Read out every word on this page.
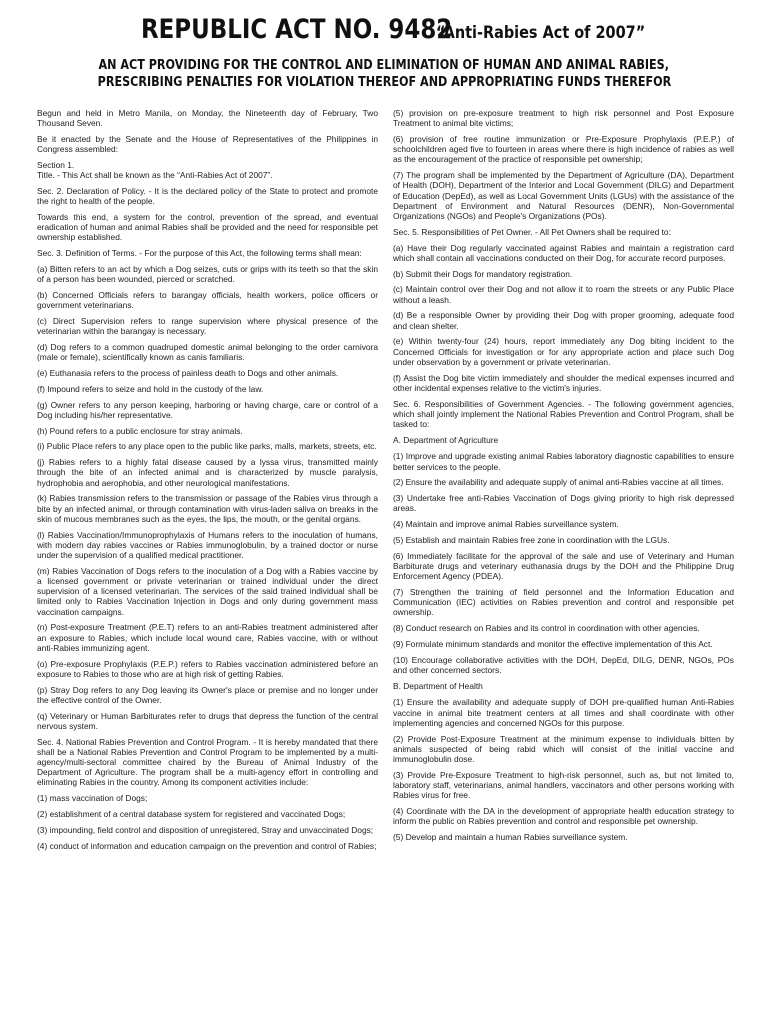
REPUBLIC ACT NO. 9482 “Anti-Rabies Act of 2007”
AN ACT PROVIDING FOR THE CONTROL AND ELIMINATION OF HUMAN AND ANIMAL RABIES,
PRESCRIBING PENALTIES FOR VIOLATION THEREOF AND APPROPRIATING FUNDS THEREFOR

Begun and held in Metro Manila, on Monday, the Nineteenth day of February, Two Thousand Seven.

Be it enacted by the Senate and the House of Representatives of the Philippines in Congress assembled:

Section 1.

Title. - This Act shall be known as the “Anti-Rabies Act of 2007”.

Sec. 2. Declaration of Policy. - It is the declared policy of the State to protect and promote the right to health of the people.

Towards this end, a system for the control, prevention of the spread, and eventual eradication of human and animal Rabies shall be provided and the need for responsible pet ownership established.

Sec. 3. Definition of Terms. - For the purpose of this Act, the following terms shall mean:

(a) Bitten refers to an act by which a Dog seizes, cuts or grips with its teeth so that the skin of a person has been wounded, pierced or scratched.

(b) Concerned Officials refers to barangay officials, health workers, police officers or government veterinarians.

(c) Direct Supervision refers to range supervision where physical presence of the veterinarian within the barangay is necessary.

(d) Dog refers to a common quadruped domestic animal belonging to the order carnivora (male or female), scientifically known as canis familiaris.

(e) Euthanasia refers to the process of painless death to Dogs and other animals.

(f) Impound refers to seize and hold in the custody of the law.

(g) Owner refers to any person keeping, harboring or having charge, care or control of a Dog including his/her representative.

(h) Pound refers to a public enclosure for stray animals.

(i) Public Place refers to any place open to the public like parks, malls, markets, streets, etc.

(j) Rabies refers to a highly fatal disease caused by a lyssa virus, transmitted mainly through the bite of an infected animal and is characterized by muscle paralysis, hydrophobia and aerophobia, and other neurological manifestations.

(k) Rabies transmission refers to the transmission or passage of the Rabies virus through a bite by an infected animal, or through contamination with virus-laden saliva on breaks in the skin of mucous membranes such as the eyes, the lips, the mouth, or the genital organs.

(l) Rabies Vaccination/Immunoprophylaxis of Humans refers to the inoculation of humans, with modern day rabies vaccines or Rabies immunoglobulin, by a trained doctor or nurse under the supervision of a qualified medical practitioner.

(m) Rabies Vaccination of Dogs refers to the inoculation of a Dog with a Rabies vaccine by a licensed government or private veterinarian or trained individual under the direct supervision of a licensed veterinarian. The services of the said trained individual shall be limited only to Rabies Vaccination Injection in Dogs and only during government mass vaccination campaigns.

(n) Post-exposure Treatment (P.E.T) refers to an anti-Rabies treatment administered after an exposure to Rabies, which include local wound care, Rabies vaccine, with or without anti-Rabies immunizing agent.

(o) Pre-exposure Prophylaxis (P.E.P.) refers to Rabies vaccination administered before an exposure to Rabies to those who are at high risk of getting Rabies.

(p) Stray Dog refers to any Dog leaving its Owner's place or premise and no longer under the effective control of the Owner.

(q) Veterinary or Human Barbiturates refer to drugs that depress the function of the central nervous system.

Sec. 4. National Rabies Prevention and Control Program. - It is hereby mandated that there shall be a National Rabies Prevention and Control Program to be implemented by a multi-agency/multi-sectoral committee chaired by the Bureau of Animal Industry of the Department of Agriculture. The program shall be a multi-agency effort in controlling and eliminating Rabies in the country. Among its component activities include:

(1) mass vaccination of Dogs;

(2) establishment of a central database system for registered and vaccinated Dogs;

(3) impounding, field control and disposition of unregistered, Stray and unvaccinated Dogs;

(4) conduct of information and education campaign on the prevention and control of Rabies;

(5) provision on pre-exposure treatment to high risk personnel and Post Exposure Treatment to animal bite victims;

(6) provision of free routine immunization or Pre-Exposure Prophylaxis (P.E.P.) of schoolchildren aged five to fourteen in areas where there is high incidence of rabies as well as the encouragement of the practice of responsible pet ownership;

(7) The program shall be implemented by the Department of Agriculture (DA), Department of Health (DOH), Department of the Interior and Local Government (DILG) and Department of Education (DepEd), as well as Local Government Units (LGUs) with the assistance of the Department of Environment and Natural Resources (DENR), Non-Governmental Organizations (NGOs) and People's Organizations (POs).

Sec. 5. Responsibilities of Pet Owner. - All Pet Owners shall be required to:

(a) Have their Dog regularly vaccinated against Rabies and maintain a registration card which shall contain all vaccinations conducted on their Dog, for accurate record purposes.

(b) Submit their Dogs for mandatory registration.

(c) Maintain control over their Dog and not allow it to roam the streets or any Public Place without a leash.

(d) Be a responsible Owner by providing their Dog with proper grooming, adequate food and clean shelter.

(e) Within twenty-four (24) hours, report immediately any Dog biting incident to the Concerned Officials for investigation or for any appropriate action and place such Dog under observation by a government or private veterinarian.

(f) Assist the Dog bite victim immediately and shoulder the medical expenses incurred and other incidental expenses relative to the victim's injuries.

Sec. 6. Responsibilities of Government Agencies. - The following government agencies, which shall jointly implement the National Rabies Prevention and Control Program, shall be tasked to:

A. Department of Agriculture

(1) Improve and upgrade existing animal Rabies laboratory diagnostic capabilities to ensure better services to the people.

(2) Ensure the availability and adequate supply of animal anti-Rabies vaccine at all times.

(3) Undertake free anti-Rabies Vaccination of Dogs giving priority to high risk depressed areas.

(4) Maintain and improve animal Rabies surveillance system.

(5) Establish and maintain Rabies free zone in coordination with the LGUs.

(6) Immediately facilitate for the approval of the sale and use of Veterinary and Human Barbiturate drugs and veterinary euthanasia drugs by the DOH and the Philippine Drug Enforcement Agency (PDEA).

(7) Strengthen the training of field personnel and the Information Education and Communication (IEC) activities on Rabies prevention and control and responsible pet ownership.

(8) Conduct research on Rabies and its control in coordination with other agencies.

(9) Formulate minimum standards and monitor the effective implementation of this Act.

(10) Encourage collaborative activities with the DOH, DepEd, DILG, DENR, NGOs, POs and other concerned sectors.

B. Department of Health

(1) Ensure the availability and adequate supply of DOH pre-qualified human Anti-Rabies vaccine in animal bite treatment centers at all times and shall coordinate with other implementing agencies and concerned NGOs for this purpose.

(2) Provide Post-Exposure Treatment at the minimum expense to individuals bitten by animals suspected of being rabid which will consist of the initial vaccine and immunoglobulin dose.

(3) Provide Pre-Exposure Treatment to high-risk personnel, such as, but not limited to, laboratory staff, veterinarians, animal handlers, vaccinators and other persons working with Rabies virus for free.

(4) Coordinate with the DA in the development of appropriate health education strategy to inform the public on Rabies prevention and control and responsible pet ownership.

(5) Develop and maintain a human Rabies surveillance system.
